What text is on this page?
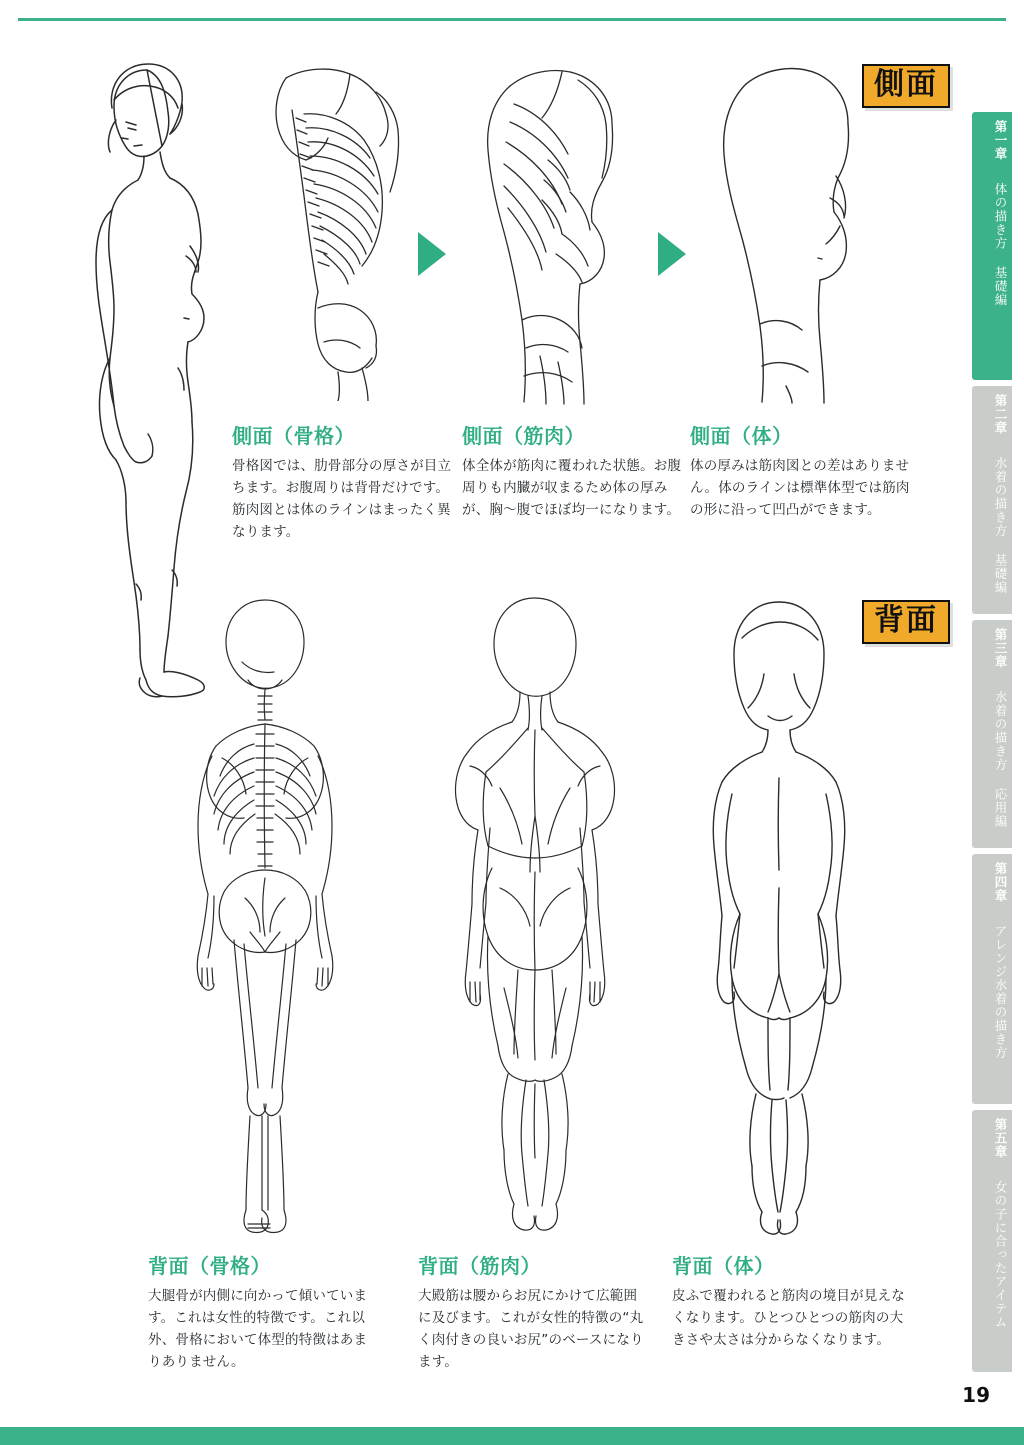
側面
側面（骨格）
骨格図では、肋骨部分の厚さが目立ちます。お腹周りは背骨だけです。筋肉図とは体のラインはまったく異なります。
側面（筋肉）
体全体が筋肉に覆われた状態。お腹周りも内臓が収まるため体の厚みが、胸〜腹でほぼ均一になります。
側面（体）
体の厚みは筋肉図との差はありません。体のラインは標準体型では筋肉の形に沿って凹凸ができます。
背面
背面（骨格）
大腿骨が内側に向かって傾いています。これは女性的特徴です。これ以外、骨格において体型的特徴はあまりありません。
背面（筋肉）
大殿筋は腰からお尻にかけて広範囲に及びます。これが女性的特徴の“丸く肉付きの良いお尻”のベースになります。
背面（体）
皮ふで覆われると筋肉の境目が見えなくなります。ひとつひとつの筋肉の大きさや太さは分からなくなります。
第一章 体の描き方 基礎編
第二章 水着の描き方 基礎編
第三章 水着の描き方 応用編
第四章 アレンジ水着の描き方
第五章 女の子に合ったアイテム
19
